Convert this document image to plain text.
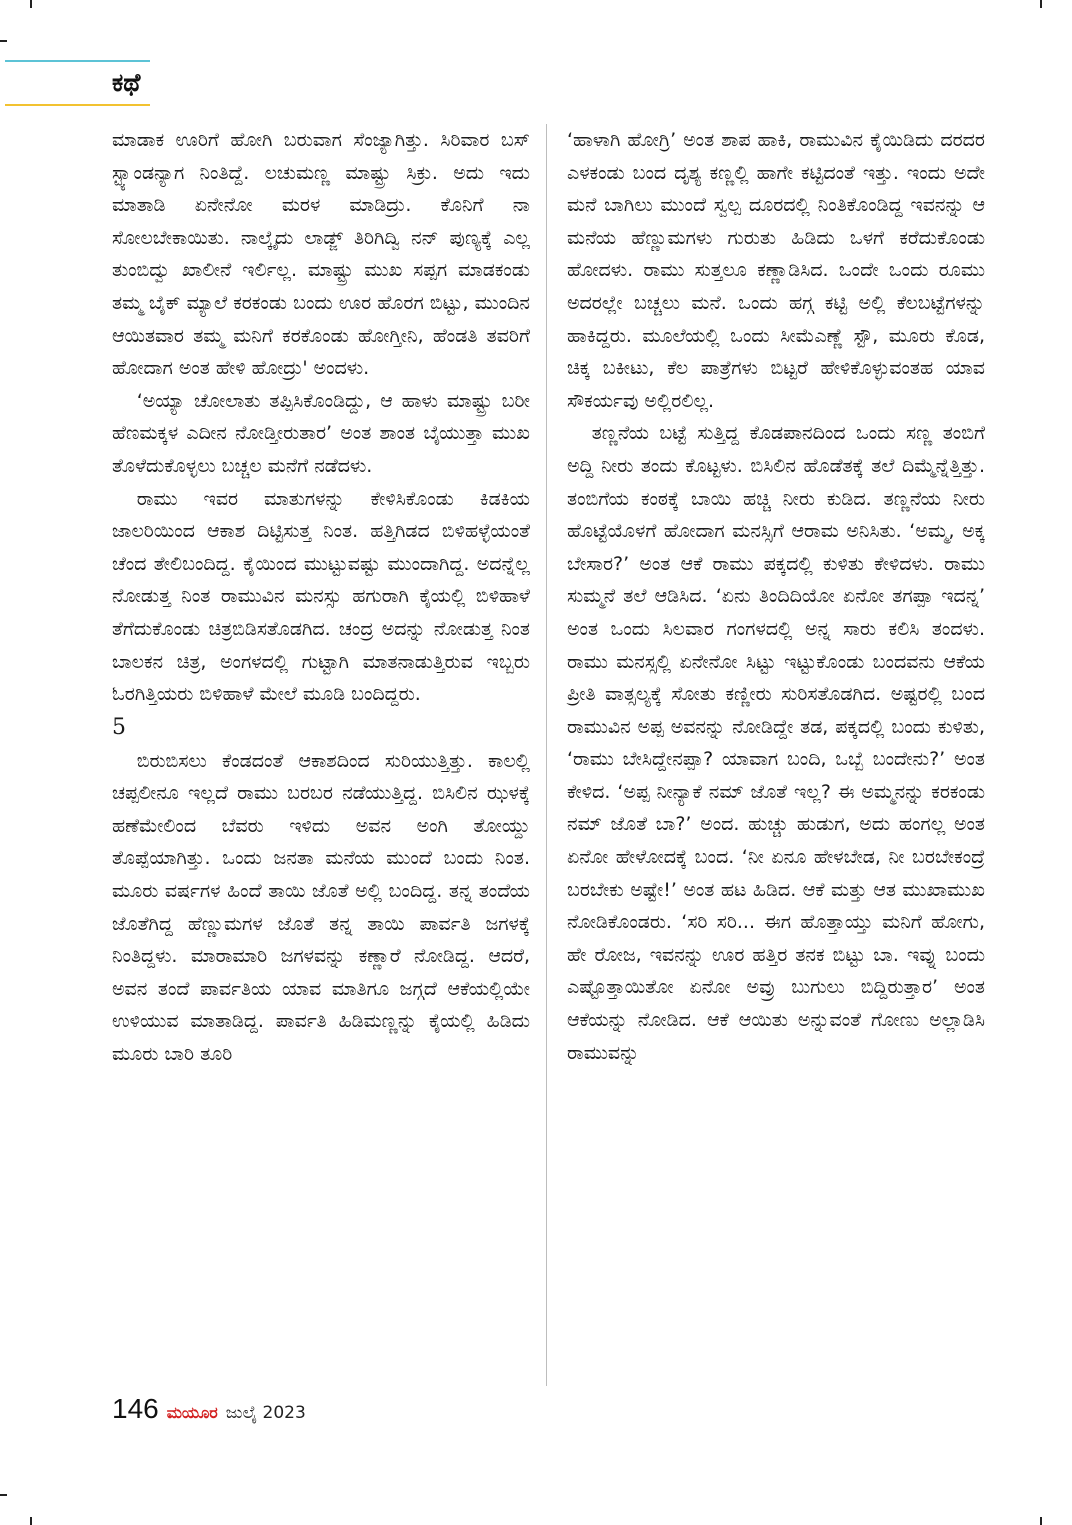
ಕಥೆ

ಮಾಡಾಕ ಊರಿಗೆ ಹೋಗಿ ಬರುವಾಗ ಸೆಂಜ್ಯಾಗಿತ್ತು. ಸಿರಿವಾರ ಬಸ್ ಸ್ಟ್ಯಾಂಡನ್ಯಾಗ ನಿಂತಿದ್ದೆ. ಲಚುಮಣ್ಣ ಮಾಷ್ಟ್ರು ಸಿಕ್ರು. ಅದು ಇದು ಮಾತಾಡಿ ಏನೇನೋ ಮರಳ ಮಾಡಿದ್ರು. ಕೊನಿಗೆ ನಾ ಸೋಲಬೇಕಾಯಿತು. ನಾಲ್ಕೈದು ಲಾಡ್ಜ್ ತಿರಿಗಿದ್ವಿ ನನ್ ಪುಣ್ಯಕ್ಕೆ ಎಲ್ಲ ತುಂಬಿದ್ವು ಖಾಲೀನೆ ಇರ್ಲಿಲ್ಲ. ಮಾಷ್ಟ್ರು ಮುಖ ಸಪ್ಪಗ ಮಾಡಕಂಡು ತಮ್ಮ ಬೈಕ್ ಮ್ಯಾಲೆ ಕರಕಂಡು ಬಂದು ಊರ ಹೊರಗ ಬಿಟ್ಟು, ಮುಂದಿನ ಆಯಿತವಾರ ತಮ್ಮ ಮನಿಗೆ ಕರಕೊಂಡು ಹೋಗ್ತೀನಿ, ಹೆಂಡತಿ ತವರಿಗೆ ಹೋದಾಗ ಅಂತ ಹೇಳಿ ಹೋದ್ರು' ಅಂದಳು.

‘ಅಯ್ಯಾ ಚೋಲಾತು ತಪ್ಪಿಸಿಕೊಂಡಿದ್ದು, ಆ ಹಾಳು ಮಾಷ್ಟ್ರು ಬರೀ ಹೆಣಮಕ್ಕಳ ಎದೀನ ನೋಡ್ತೀರುತಾರ’ ಅಂತ ಶಾಂತ ಬೈಯುತ್ತಾ ಮುಖ ತೊಳೆದುಕೊಳ್ಳಲು ಬಚ್ಚಲ ಮನೆಗೆ ನಡೆದಳು.

ರಾಮು ಇವರ ಮಾತುಗಳನ್ನು ಕೇಳಿಸಿಕೊಂಡು ಕಿಡಕಿಯ ಜಾಲರಿಯಿಂದ ಆಕಾಶ ದಿಟ್ಟಿಸುತ್ತ ನಿಂತ. ಹತ್ತಿಗಿಡದ ಬಿಳಿಹಳ್ಳೆಯಂತೆ ಚೆಂದ ತೇಲಿಬಂದಿದ್ದ. ಕೈಯಿಂದ ಮುಟ್ಟುವಷ್ಟು ಮುಂದಾಗಿದ್ದ. ಅದನ್ನೆಲ್ಲ ನೋಡುತ್ತ ನಿಂತ ರಾಮುವಿನ ಮನಸ್ಸು ಹಗುರಾಗಿ ಕೈಯಲ್ಲಿ ಬಿಳಿಹಾಳೆ ತೆಗೆದುಕೊಂಡು ಚಿತ್ರಬಿಡಿಸತೊಡಗಿದ. ಚಂದ್ರ ಅದನ್ನು ನೋಡುತ್ತ ನಿಂತ ಬಾಲಕನ ಚಿತ್ರ, ಅಂಗಳದಲ್ಲಿ ಗುಟ್ಟಾಗಿ ಮಾತನಾಡುತ್ತಿರುವ ಇಬ್ಬರು ಓರಗಿತ್ತಿಯರು ಬಿಳಿಹಾಳೆ ಮೇಲೆ ಮೂಡಿ ಬಂದಿದ್ದರು.

5

ಬಿರುಬಿಸಲು ಕೆಂಡದಂತೆ ಆಕಾಶದಿಂದ ಸುರಿಯುತ್ತಿತ್ತು. ಕಾಲಲ್ಲಿ ಚಪ್ಪಲೀನೂ ಇಲ್ಲದೆ ರಾಮು ಬರಬರ ನಡೆಯುತ್ತಿದ್ದ. ಬಿಸಿಲಿನ ಝಳಕ್ಕೆ ಹಣೆಮೇಲಿಂದ ಬೆವರು ಇಳಿದು ಅವನ ಅಂಗಿ ತೋಯ್ದು ತೊಪ್ಪೆಯಾಗಿತ್ತು. ಒಂದು ಜನತಾ ಮನೆಯ ಮುಂದೆ ಬಂದು ನಿಂತ. ಮೂರು ವರ್ಷಗಳ ಹಿಂದೆ ತಾಯಿ ಜೊತೆ ಅಲ್ಲಿ ಬಂದಿದ್ದ. ತನ್ನ ತಂದೆಯ ಜೊತೆಗಿದ್ದ ಹೆಣ್ಣುಮಗಳ ಜೊತೆ ತನ್ನ ತಾಯಿ ಪಾರ್ವತಿ ಜಗಳಕ್ಕೆ ನಿಂತಿದ್ದಳು. ಮಾರಾಮಾರಿ ಜಗಳವನ್ನು ಕಣ್ಣಾರೆ ನೋಡಿದ್ದ. ಆದರೆ, ಅವನ ತಂದೆ ಪಾರ್ವತಿಯ ಯಾವ ಮಾತಿಗೂ ಜಗ್ಗದೆ ಆಕೆಯಲ್ಲಿಯೇ ಉಳಿಯುವ ಮಾತಾಡಿದ್ದ. ಪಾರ್ವತಿ ಹಿಡಿಮಣ್ಣನ್ನು ಕೈಯಲ್ಲಿ ಹಿಡಿದು ಮೂರು ಬಾರಿ ತೂರಿ

‘ಹಾಳಾಗಿ ಹೋಗ್ರಿ’ ಅಂತ ಶಾಪ ಹಾಕಿ, ರಾಮುವಿನ ಕೈಯಿಡಿದು ದರದರ ಎಳಕಂಡು ಬಂದ ದೃಶ್ಯ ಕಣ್ಣಲ್ಲಿ ಹಾಗೇ ಕಟ್ಟಿದಂತೆ ಇತ್ತು. ಇಂದು ಅದೇ ಮನೆ ಬಾಗಿಲು ಮುಂದೆ ಸ್ವಲ್ಪ ದೂರದಲ್ಲಿ ನಿಂತಿಕೊಂಡಿದ್ದ ಇವನನ್ನು ಆ ಮನೆಯ ಹೆಣ್ಣುಮಗಳು ಗುರುತು ಹಿಡಿದು ಒಳಗೆ ಕರೆದುಕೊಂಡು ಹೋದಳು. ರಾಮು ಸುತ್ತಲೂ ಕಣ್ಣಾಡಿಸಿದ. ಒಂದೇ ಒಂದು ರೂಮು ಅದರಲ್ಲೇ ಬಚ್ಚಲು ಮನೆ. ಒಂದು ಹಗ್ಗ ಕಟ್ಟಿ ಅಲ್ಲಿ ಕೆಲಬಟ್ಟೆಗಳನ್ನು ಹಾಕಿದ್ದರು. ಮೂಲೆಯಲ್ಲಿ ಒಂದು ಸೀಮೆಎಣ್ಣೆ ಸ್ಟೌ, ಮೂರು ಕೊಡ, ಚಿಕ್ಕ ಬಕೀಟು, ಕೆಲ ಪಾತ್ರೆಗಳು ಬಿಟ್ಟರೆ ಹೇಳಿಕೊಳ್ಳುವಂತಹ ಯಾವ ಸೌಕರ್ಯವು ಅಲ್ಲಿರಲಿಲ್ಲ.

ತಣ್ಣನೆಯ ಬಟ್ಟೆ ಸುತ್ತಿದ್ದ ಕೊಡಪಾನದಿಂದ ಒಂದು ಸಣ್ಣ ತಂಬಿಗೆ ಅದ್ದಿ ನೀರು ತಂದು ಕೊಟ್ಟಳು. ಬಿಸಿಲಿನ ಹೊಡೆತಕ್ಕೆ ತಲೆ ದಿಮ್ಮೆನ್ನೆತ್ತಿತ್ತು. ತಂಬಿಗೆಯ ಕಂಠಕ್ಕೆ ಬಾಯಿ ಹಚ್ಚಿ ನೀರು ಕುಡಿದ. ತಣ್ಣನೆಯ ನೀರು ಹೊಟ್ಟೆಯೊಳಗೆ ಹೋದಾಗ ಮನಸ್ಸಿಗೆ ಆರಾಮ ಅನಿಸಿತು. ‘ಅಮ್ಮ, ಅಕ್ಕ ಬೇಸಾರ?’ ಅಂತ ಆಕೆ ರಾಮು ಪಕ್ಕದಲ್ಲಿ ಕುಳಿತು ಕೇಳಿದಳು. ರಾಮು ಸುಮ್ಮನೆ ತಲೆ ಆಡಿಸಿದ. ‘ಏನು ತಿಂದಿದಿಯೋ ಏನೋ ತಗಪ್ಪಾ ಇದನ್ನ’ ಅಂತ ಒಂದು ಸಿಲವಾರ ಗಂಗಳದಲ್ಲಿ ಅನ್ನ ಸಾರು ಕಲಿಸಿ ತಂದಳು. ರಾಮು ಮನಸ್ಸಲ್ಲಿ ಏನೇನೋ ಸಿಟ್ಟು ಇಟ್ಟುಕೊಂಡು ಬಂದವನು ಆಕೆಯ ಪ್ರೀತಿ ವಾತ್ಸಲ್ಯಕ್ಕೆ ಸೋತು ಕಣ್ಣೀರು ಸುರಿಸತೊಡಗಿದ. ಅಷ್ಟರಲ್ಲಿ ಬಂದ ರಾಮುವಿನ ಅಪ್ಪ ಅವನನ್ನು ನೋಡಿದ್ದೇ ತಡ, ಪಕ್ಕದಲ್ಲಿ ಬಂದು ಕುಳಿತು, ‘ರಾಮು ಬೇಸಿದ್ದೇನಪ್ಪಾ? ಯಾವಾಗ ಬಂದಿ, ಒಬ್ಬೆ ಬಂದೇನು?’ ಅಂತ ಕೇಳಿದ. ‘ಅಪ್ಪ ನೀನ್ಯಾಕೆ ನಮ್ ಜೊತೆ ಇಲ್ಲ? ಈ ಅಮ್ಮನನ್ನು ಕರಕಂಡು ನಮ್ ಜೊತೆ ಬಾ?’ ಅಂದ. ಹುಚ್ಚು ಹುಡುಗ, ಅದು ಹಂಗಲ್ಲ ಅಂತ ಏನೋ ಹೇಳೋದಕ್ಕೆ ಬಂದ. ‘ನೀ ಏನೂ ಹೇಳಬೇಡ, ನೀ ಬರಬೇಕಂದ್ರೆ ಬರಬೇಕು ಅಷ್ಟೇ!’ ಅಂತ ಹಟ ಹಿಡಿದ. ಆಕೆ ಮತ್ತು ಆತ ಮುಖಾಮುಖ ನೋಡಿಕೊಂಡರು. ‘ಸರಿ ಸರಿ... ಈಗ ಹೊತ್ತಾಯ್ತು ಮನಿಗೆ ಹೋಗು, ಹೇ ರೋಜ, ಇವನನ್ನು ಊರ ಹತ್ತಿರ ತನಕ ಬಿಟ್ಟು ಬಾ. ಇವ್ನು ಬಂದು ಎಷ್ಟೊತ್ತಾಯಿತೋ ಏನೋ ಅವ್ರು ಬುಗುಲು ಬಿದ್ದಿರುತ್ತಾರ’ ಅಂತ ಆಕೆಯನ್ನು ನೋಡಿದ. ಆಕೆ ಆಯಿತು ಅನ್ನುವಂತೆ ಗೋಣು ಅಲ್ಲಾಡಿಸಿ ರಾಮುವನ್ನು

146 ಮಯೂರ ಜುಲೈ 2023
